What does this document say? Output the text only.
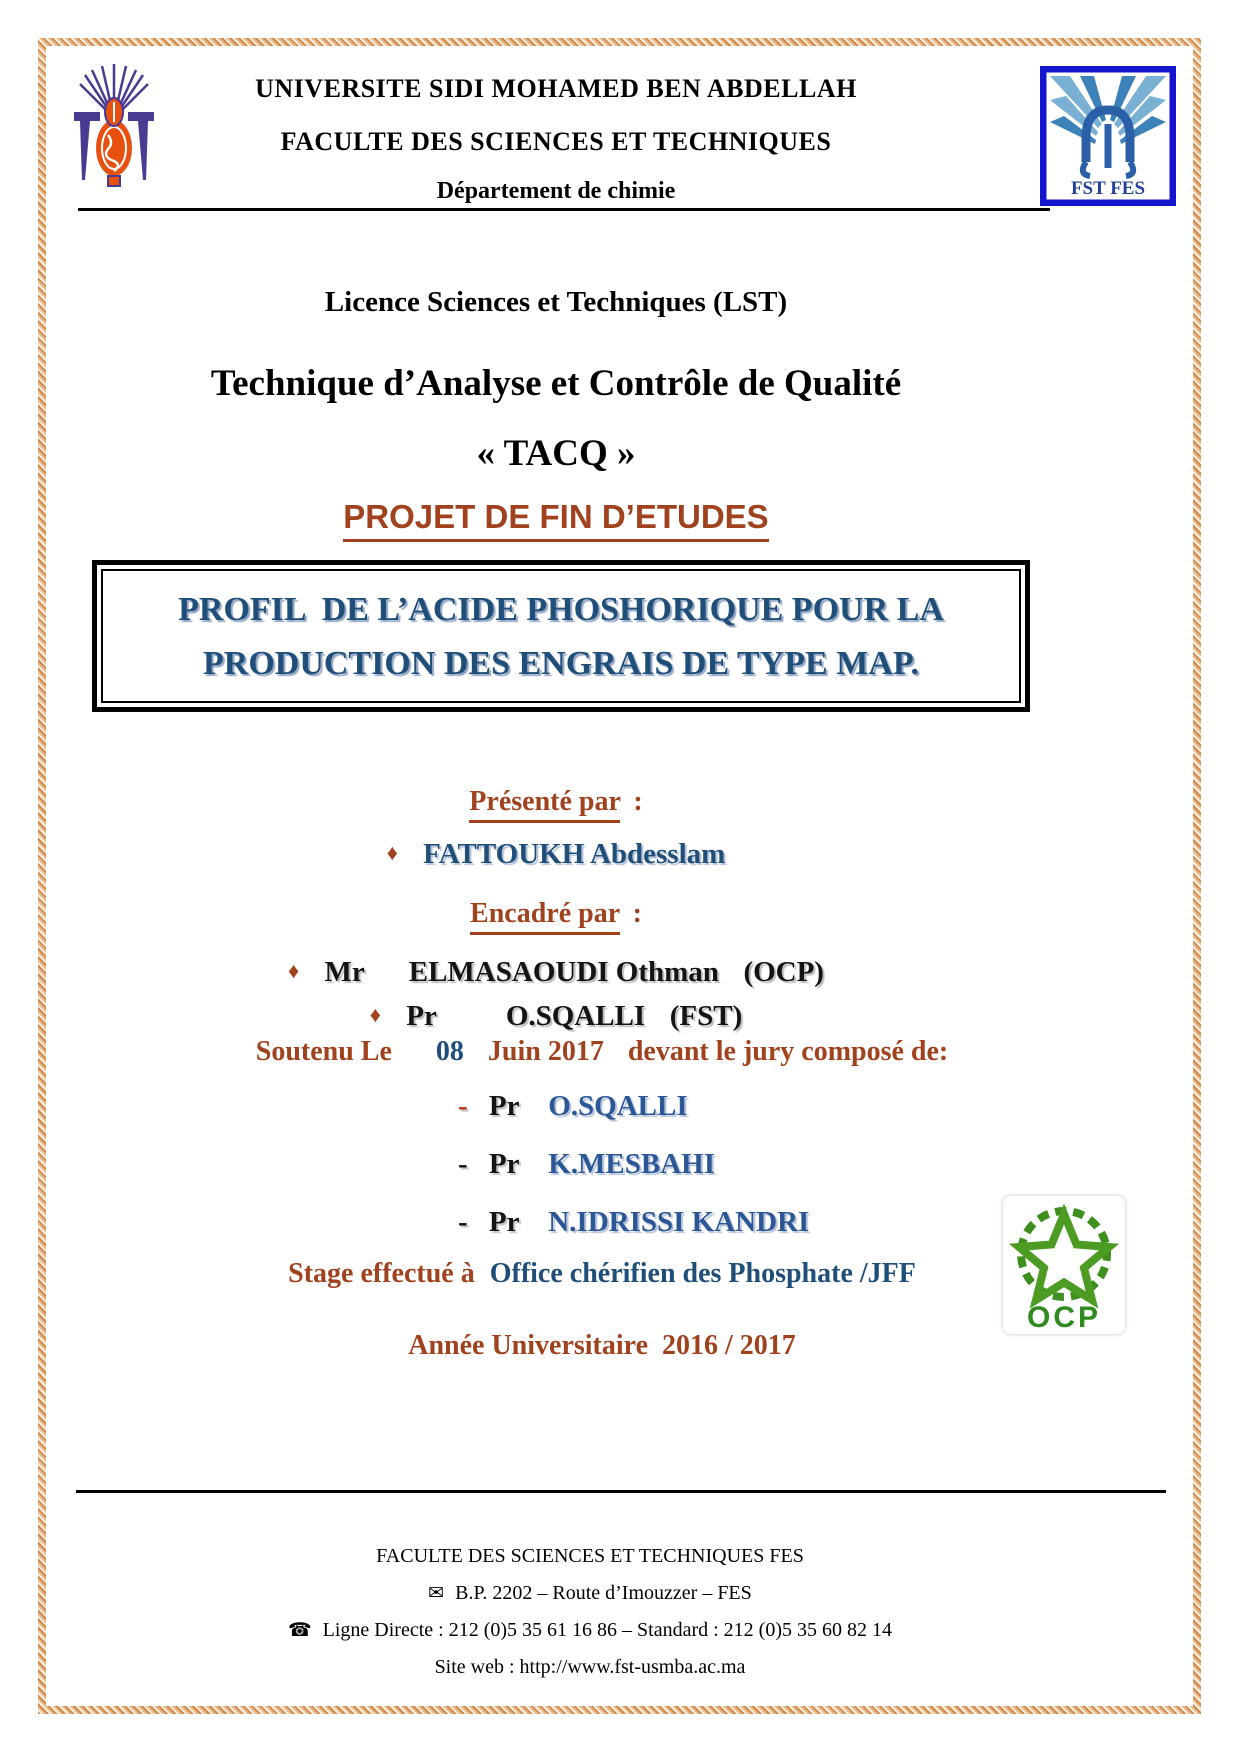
FST FES
UNIVERSITE SIDI MOHAMED BEN ABDELLAH
FACULTE DES SCIENCES ET TECHNIQUES
Département de chimie
Licence Sciences et Techniques (LST)
Technique d’Analyse et Contrôle de Qualité
« TACQ »
PROJET DE FIN D’ETUDES
PROFIL  DE L’ACIDE PHOSHORIQUE POUR LA
PRODUCTION DES ENGRAIS DE TYPE MAP.
Présenté par :
♦ FATTOUKH Abdesslam
Encadré par :
♦ Mr ELMASAOUDI Othman (OCP)
♦ Pr O.SQALLI (FST)
Soutenu Le 08 Juin 2017 devant le jury composé de:
- Pr O.SQALLI
- Pr K.MESBAHI
- Pr N.IDRISSI KANDRI
Stage effectué à Office chérifien des Phosphate /JFF
OCP
Année Universitaire  2016 / 2017
FACULTE DES SCIENCES ET TECHNIQUES FES
✉ B.P. 2202 – Route d’Imouzzer – FES
☎ Ligne Directe : 212 (0)5 35 61 16 86 – Standard : 212 (0)5 35 60 82 14
Site web : http://www.fst-usmba.ac.ma
